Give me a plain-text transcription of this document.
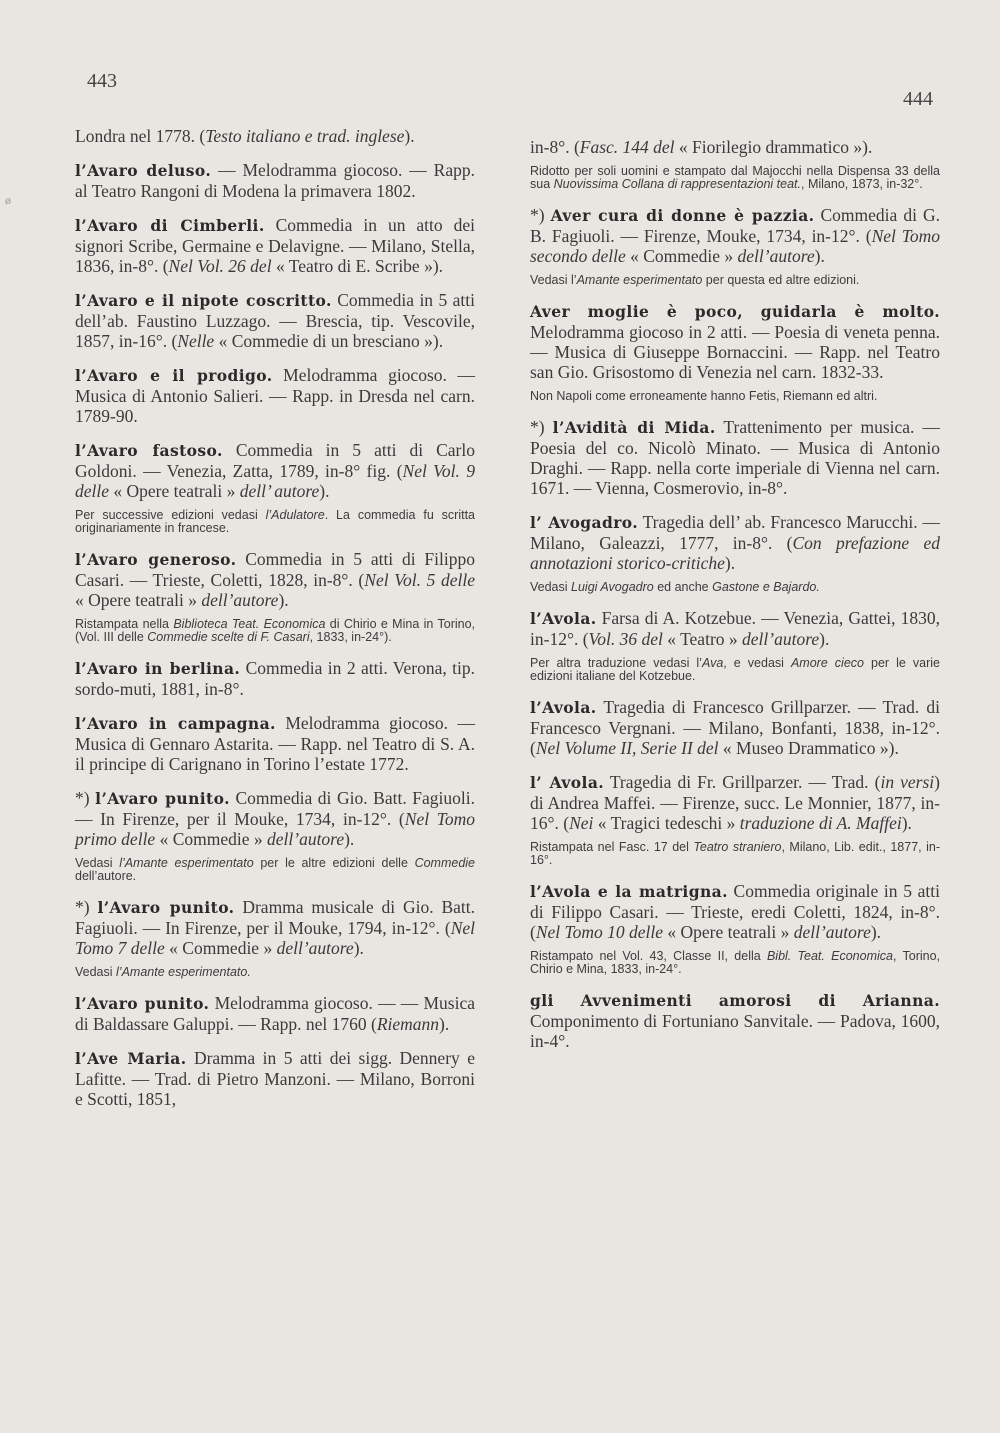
443
444
ø

Londra nel 1778. (Testo italiano e trad. inglese).

l’Avaro deluso. — Melodramma giocoso. — Rapp. al Teatro Rangoni di Modena la primavera 1802.

l’Avaro di Cimberli. Commedia in un atto dei signori Scribe, Germaine e Delavigne. — Milano, Stella, 1836, in-8°. (Nel Vol. 26 del « Teatro di E. Scribe »).

l’Avaro e il nipote coscritto. Commedia in 5 atti dell’ab. Faustino Luzzago. — Brescia, tip. Vescovile, 1857, in-16°. (Nelle « Commedie di un bresciano »).

l’Avaro e il prodigo. Melodramma giocoso. — Musica di Antonio Salieri. — Rapp. in Dresda nel carn. 1789-90.

l’Avaro fastoso. Commedia in 5 atti di Carlo Goldoni. — Venezia, Zatta, 1789, in-8° fig. (Nel Vol. 9 delle « Opere teatrali » dell’ autore).

Per successive edizioni vedasi l’Adulatore. La commedia fu scritta originariamente in francese.

l’Avaro generoso. Commedia in 5 atti di Filippo Casari. — Trieste, Coletti, 1828, in-8°. (Nel Vol. 5 delle « Opere teatrali » dell’autore).

Ristampata nella Biblioteca Teat. Economica di Chirio e Mina in Torino, (Vol. III delle Commedie scelte di F. Casari, 1833, in-24°).

l’Avaro in berlina. Commedia in 2 atti. Verona, tip. sordo-muti, 1881, in-8°.

l’Avaro in campagna. Melodramma giocoso. — Musica di Gennaro Astarita. — Rapp. nel Teatro di S. A. il principe di Carignano in Torino l’estate 1772.

*) l’Avaro punito. Commedia di Gio. Batt. Fagiuoli. — In Firenze, per il Mouke, 1734, in-12°. (Nel Tomo primo delle « Commedie » dell’autore).

Vedasi l’Amante esperimentato per le altre edizioni delle Commedie dell’autore.

*) l’Avaro punito. Dramma musicale di Gio. Batt. Fagiuoli. — In Firenze, per il Mouke, 1794, in-12°. (Nel Tomo 7 delle « Commedie » dell’autore).

Vedasi l’Amante esperimentato.

l’Avaro punito. Melodramma giocoso. — — Musica di Baldassare Galuppi. — Rapp. nel 1760 (Riemann).

l’Ave Maria. Dramma in 5 atti dei sigg. Dennery e Lafitte. — Trad. di Pietro Manzoni. — Milano, Borroni e Scotti, 1851,

in-8°. (Fasc. 144 del « Fiorilegio drammatico »).

Ridotto per soli uomini e stampato dal Majocchi nella Dispensa 33 della sua Nuovissima Collana di rappresentazioni teat., Milano, 1873, in-32°.

*) Aver cura di donne è pazzia. Commedia di G. B. Fagiuoli. — Firenze, Mouke, 1734, in-12°. (Nel Tomo secondo delle « Commedie » dell’autore).

Vedasi l’Amante esperimentato per questa ed altre edizioni.

Aver moglie è poco, guidarla è molto. Melodramma giocoso in 2 atti. — Poesia di veneta penna. — Musica di Giuseppe Bornaccini. — Rapp. nel Teatro san Gio. Grisostomo di Venezia nel carn. 1832-33.

Non Napoli come erroneamente hanno Fetis, Riemann ed altri.

*) l’Avidità di Mida. Trattenimento per musica. — Poesia del co. Nicolò Minato. — Musica di Antonio Draghi. — Rapp. nella corte imperiale di Vienna nel carn. 1671. — Vienna, Cosmerovio, in-8°.

l’ Avogadro. Tragedia dell’ ab. Francesco Marucchi. — Milano, Galeazzi, 1777, in-8°. (Con prefazione ed annotazioni storico-critiche).

Vedasi Luigi Avogadro ed anche Gastone e Bajardo.

l’Avola. Farsa di A. Kotzebue. — Venezia, Gattei, 1830, in-12°. (Vol. 36 del « Teatro » dell’autore).

Per altra traduzione vedasi l’Ava, e vedasi Amore cieco per le varie edizioni italiane del Kotzebue.

l’Avola. Tragedia di Francesco Grillparzer. — Trad. di Francesco Vergnani. — Milano, Bonfanti, 1838, in-12°. (Nel Volume II, Serie II del « Museo Drammatico »).

l’ Avola. Tragedia di Fr. Grillparzer. — Trad. (in versi) di Andrea Maffei. — Firenze, succ. Le Monnier, 1877, in-16°. (Nei « Tragici tedeschi » traduzione di A. Maffei).

Ristampata nel Fasc. 17 del Teatro straniero, Milano, Lib. edit., 1877, in-16°.

l’Avola e la matrigna. Commedia originale in 5 atti di Filippo Casari. — Trieste, eredi Coletti, 1824, in-8°. (Nel Tomo 10 delle « Opere teatrali » dell’autore).

Ristampato nel Vol. 43, Classe II, della Bibl. Teat. Economica, Torino, Chirio e Mina, 1833, in-24°.

gli Avvenimenti amorosi di Arianna. Componimento di Fortuniano Sanvitale. — Padova, 1600, in-4°.
